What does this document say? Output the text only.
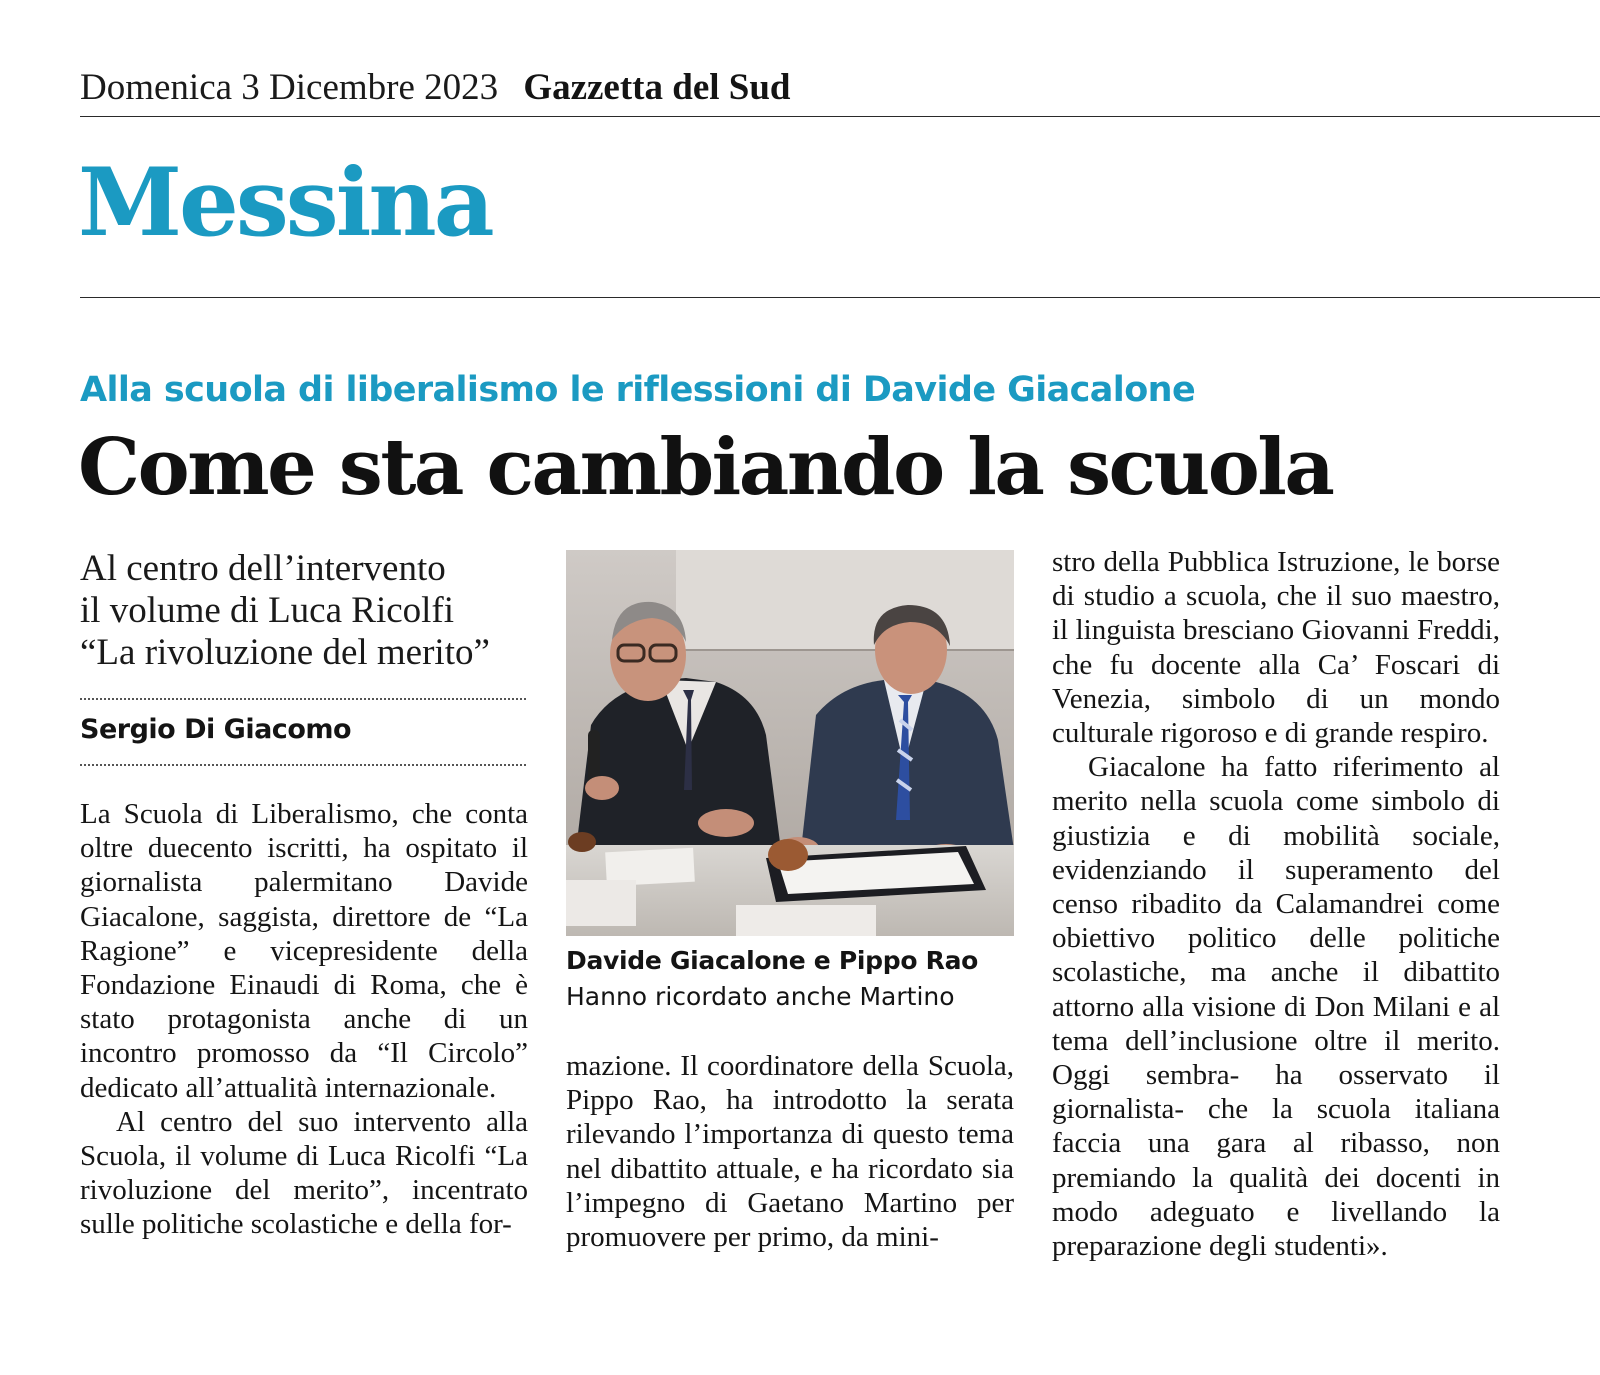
Domenica 3 Dicembre 2023 Gazzetta del Sud
Messina
Alla scuola di liberalismo le riflessioni di Davide Giacalone
Come sta cambiando la scuola
Al centro dell’intervento
il volume di Luca Ricolfi
“La rivoluzione del merito”
Sergio Di Giacomo

La Scuola di Liberalismo, che conta oltre duecento iscritti, ha ospitato il giornalista palermitano Davide Giacalone, saggista, direttore de “La Ragione” e vicepresidente della Fondazione Einaudi di Roma, che è stato protagonista anche di un incontro promosso da “Il Circolo” dedicato all’attualità internazionale.

Al centro del suo intervento alla Scuola, il volume di Luca Ricolfi “La rivoluzione del merito”, incentrato sulle politiche scolastiche e della for-

Davide Giacalone e Pippo Rao
Hanno ricordato anche Martino

mazione. Il coordinatore della Scuola, Pippo Rao, ha introdotto la serata rilevando l’importanza di questo tema nel dibattito attuale, e ha ricordato sia l’impegno di Gaetano Martino per promuovere per primo, da mini-

stro della Pubblica Istruzione, le borse di studio a scuola, che il suo maestro, il linguista bresciano Giovanni Freddi, che fu docente alla Ca’ Foscari di Venezia, simbolo di un mondo culturale rigoroso e di grande respiro.

Giacalone ha fatto riferimento al merito nella scuola come simbolo di giustizia e di mobilità sociale, evidenziando il superamento del censo ribadito da Calamandrei come obiettivo politico delle politiche scolastiche, ma anche il dibattito attorno alla visione di Don Milani e al tema dell’inclusione oltre il merito. Oggi sembra- ha osservato il giornalista- che la scuola italiana faccia una gara al ribasso, non premiando la qualità dei docenti in modo adeguato e livellando la preparazione degli studenti».
